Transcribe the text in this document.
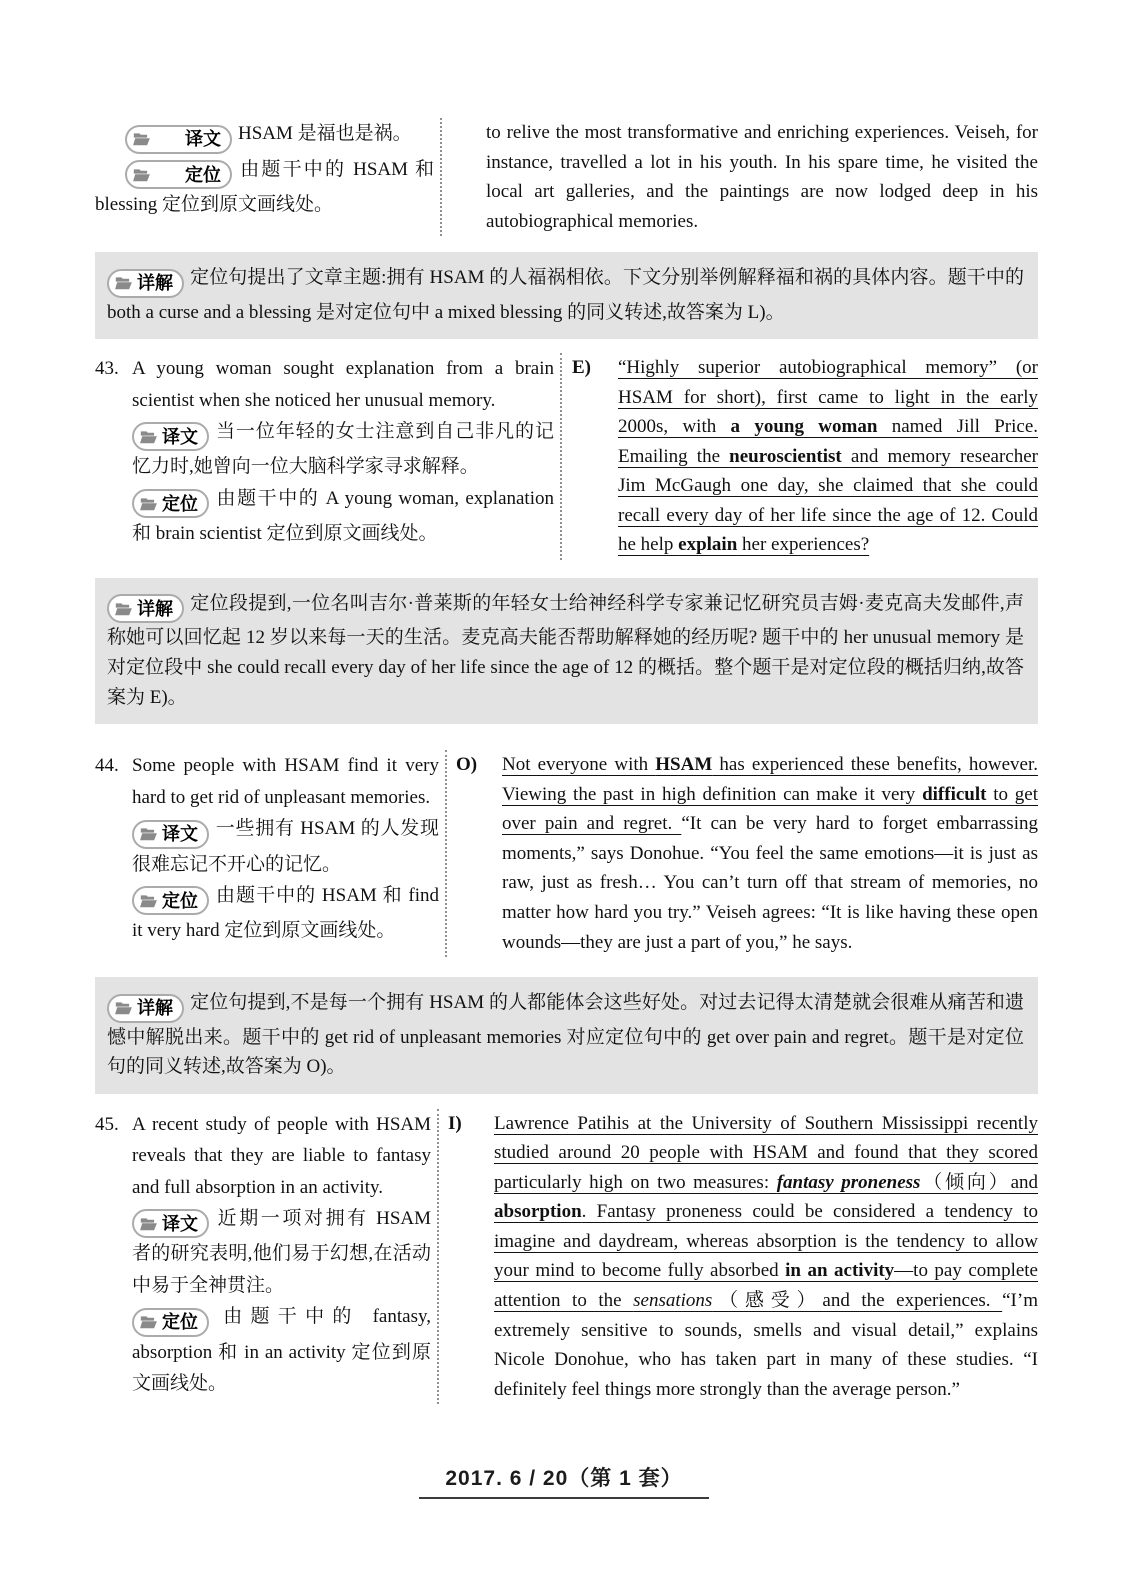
译文 HSAM 是福也是祸。

定位 由题干中的 HSAM 和 blessing 定位到原文画线处。

to relive the most transformative and enriching experiences. Veiseh, for instance, travelled a lot in his youth. In his spare time, he visited the local art galleries, and the paintings are now lodged deep in his autobiographical memories.

详解 定位句提出了文章主题:拥有 HSAM 的人福祸相依。下文分别举例解释福和祸的具体内容。题干中的 both a curse and a blessing 是对定位句中 a mixed blessing 的同义转述,故答案为 L)。
43. A young woman sought explanation from a brain scientist when she noticed her unusual memory.

译文 当一位年轻的女士注意到自己非凡的记忆力时,她曾向一位大脑科学家寻求解释。

定位 由题干中的 A young woman, explanation 和 brain scientist 定位到原文画线处。

E)	“Highly superior autobiographical memory” (or HSAM for short), first came to light in the early 2000s, with a young woman named Jill Price. Emailing the neuroscientist and memory researcher Jim McGaugh one day, she claimed that she could recall every day of her life since the age of 12. Could he help explain her experiences?

详解 定位段提到,一位名叫吉尔·普莱斯的年轻女士给神经科学专家兼记忆研究员吉姆·麦克高夫发邮件,声称她可以回忆起 12 岁以来每一天的生活。麦克高夫能否帮助解释她的经历呢? 题干中的 her unusual memory 是对定位段中 she could recall every day of her life since the age of 12 的概括。整个题干是对定位段的概括归纳,故答案为 E)。
44. Some people with HSAM find it very hard to get rid of unpleasant memories.

译文 一些拥有 HSAM 的人发现很难忘记不开心的记忆。

定位 由题干中的 HSAM 和 find it very hard 定位到原文画线处。

O)	Not everyone with HSAM has experienced these benefits, however. Viewing the past in high definition can make it very difficult to get over pain and regret. “It can be very hard to forget embarrassing moments,” says Donohue. “You feel the same emotions—it is just as raw, just as fresh… You can’t turn off that stream of memories, no matter how hard you try.” Veiseh agrees: “It is like having these open wounds—they are just a part of you,” he says.

详解 定位句提到,不是每一个拥有 HSAM 的人都能体会这些好处。对过去记得太清楚就会很难从痛苦和遗憾中解脱出来。题干中的 get rid of unpleasant memories 对应定位句中的 get over pain and regret。题干是对定位句的同义转述,故答案为 O)。
45. A recent study of people with HSAM reveals that they are liable to fantasy and full absorption in an activity.

译文 近期一项对拥有 HSAM 者的研究表明,他们易于幻想,在活动中易于全神贯注。

定位 由题干中的 fantasy, absorption 和 in an activity 定位到原文画线处。

I)	Lawrence Patihis at the University of Southern Mississippi recently studied around 20 people with HSAM and found that they scored particularly high on two measures: fantasy proneness（倾向）and absorption. Fantasy proneness could be considered a tendency to imagine and daydream, whereas absorption is the tendency to allow your mind to become fully absorbed in an activity—to pay complete attention to the sensations（感受）and the experiences. “I’m extremely sensitive to sounds, smells and visual detail,” explains Nicole Donohue, who has taken part in many of these studies. “I definitely feel things more strongly than the average person.”

2017. 6 / 20（第 1 套）
